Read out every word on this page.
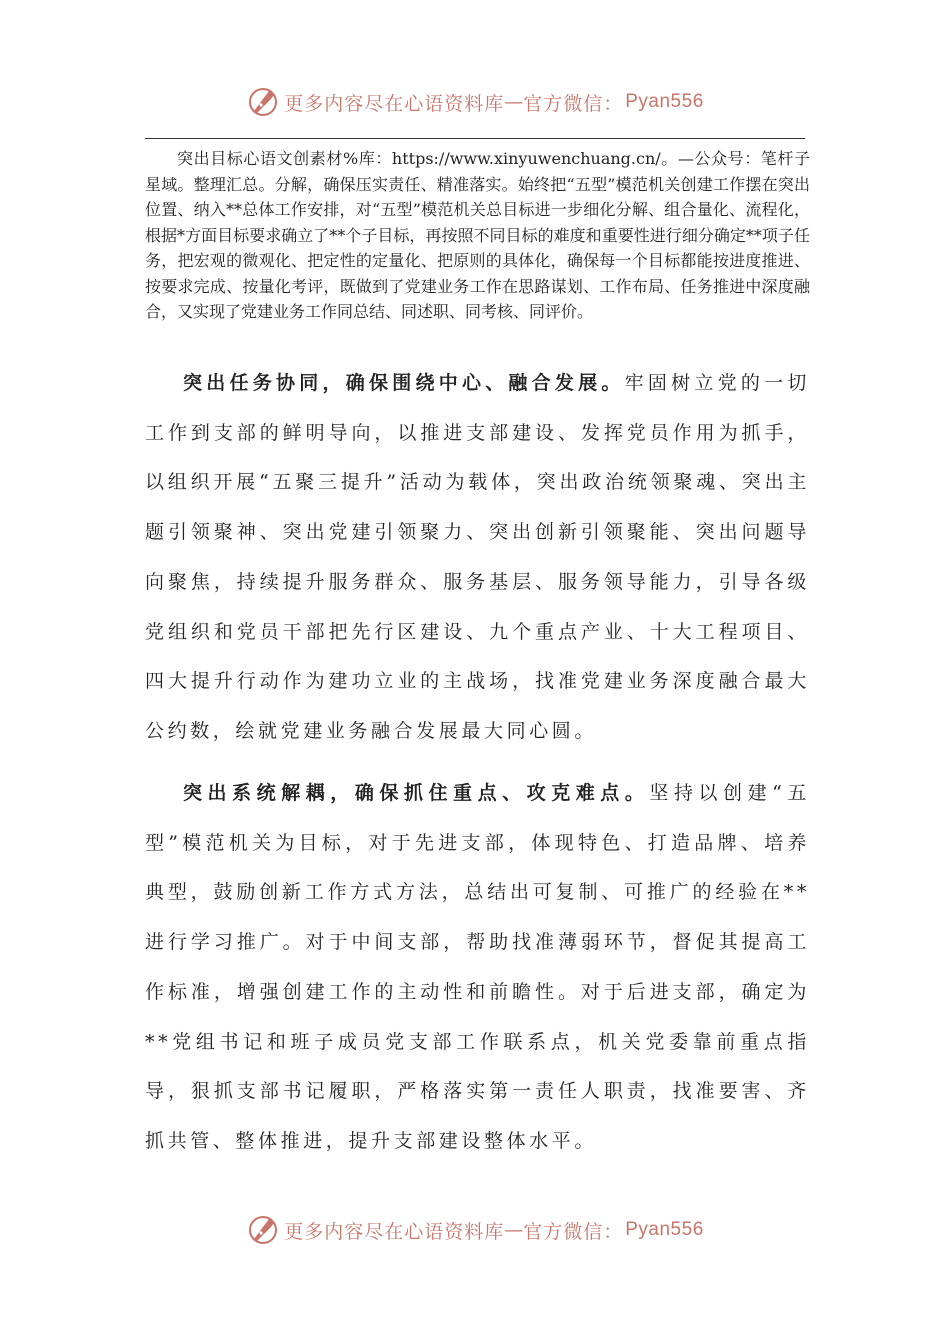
更多内容尽在心语资料库 — 官方微信： Pyan556

突出目标心语文创素材%库：https://www.xinyuwenchuang.cn/。—公众号：笔杆子星域。整理汇总。分解，确保压实责任、精准落实。始终把“五型”模范机关创建工作摆在突出位置、纳入**总体工作安排，对“五型”模范机关总目标进一步细化分解、组合量化、流程化，根据*方面目标要求确立了**个子目标，再按照不同目标的难度和重要性进行细分确定**项子任务，把宏观的微观化、把定性的定量化、把原则的具体化，确保每一个目标都能按进度推进、按要求完成、按量化考评，既做到了党建业务工作在思路谋划、工作布局、任务推进中深度融合，又实现了党建业务工作同总结、同述职、同考核、同评价。

突出任务协同，确保围绕中心、融合发展。牢固树立党的一切工作到支部的鲜明导向，以推进支部建设、发挥党员作用为抓手，以组织开展“五聚三提升”活动为载体，突出政治统领聚魂、突出主题引领聚神、突出党建引领聚力、突出创新引领聚能、突出问题导向聚焦，持续提升服务群众、服务基层、服务领导能力，引导各级党组织和党员干部把先行区建设、九个重点产业、十大工程项目、四大提升行动作为建功立业的主战场，找准党建业务深度融合最大公约数，绘就党建业务融合发展最大同心圆。

突出系统解耦，确保抓住重点、攻克难点。坚持以创建“五型”模范机关为目标，对于先进支部，体现特色、打造品牌、培养典型，鼓励创新工作方式方法，总结出可复制、可推广的经验在**进行学习推广。对于中间支部，帮助找准薄弱环节，督促其提高工作标准，增强创建工作的主动性和前瞻性。对于后进支部，确定为**党组书记和班子成员党支部工作联系点，机关党委靠前重点指导，狠抓支部书记履职，严格落实第一责任人职责，找准要害、齐抓共管、整体推进，提升支部建设整体水平。

更多内容尽在心语资料库 — 官方微信： Pyan556
